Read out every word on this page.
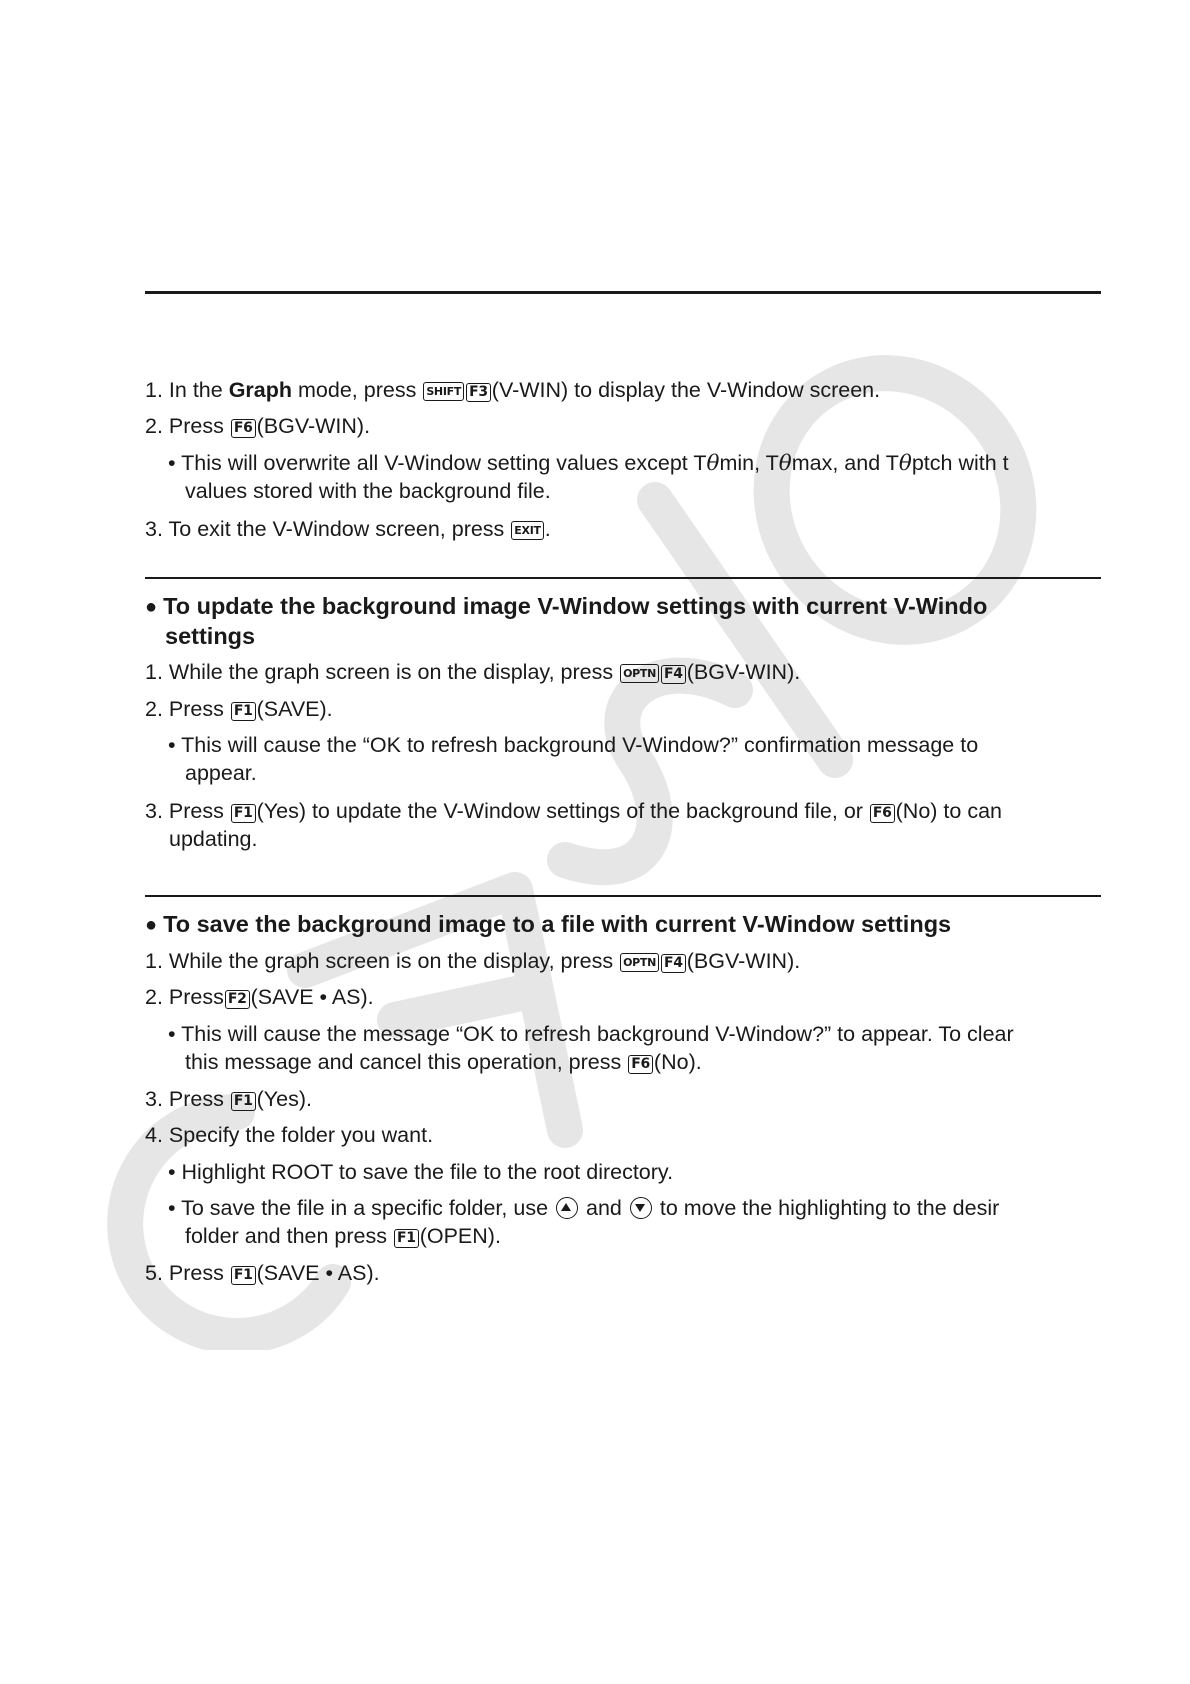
1. In the Graph mode, press SHIFT F3 (V-WIN) to display the V-Window screen.
2. Press F6 (BGV-WIN).
• This will overwrite all V-Window setting values except Tθmin, Tθmax, and Tθptch with t
values stored with the background file.
3. To exit the V-Window screen, press EXIT .
● To update the background image V-Window settings with current V-Windo
settings
1. While the graph screen is on the display, press OPTN F4 (BGV-WIN).
2. Press F1 (SAVE).
• This will cause the “OK to refresh background V-Window?” confirmation message to
appear.
3. Press F1 (Yes) to update the V-Window settings of the background file, or F6 (No) to can
updating.
● To save the background image to a file with current V-Window settings
1. While the graph screen is on the display, press OPTN F4 (BGV-WIN).
2. Press F2 (SAVE • AS).
• This will cause the message “OK to refresh background V-Window?” to appear. To clear
this message and cancel this operation, press F6 (No).
3. Press F1 (Yes).
4. Specify the folder you want.
• Highlight ROOT to save the file to the root directory.
• To save the file in a specific folder, use and to move the highlighting to the desir
folder and then press F1 (OPEN).
5. Press F1 (SAVE • AS).
